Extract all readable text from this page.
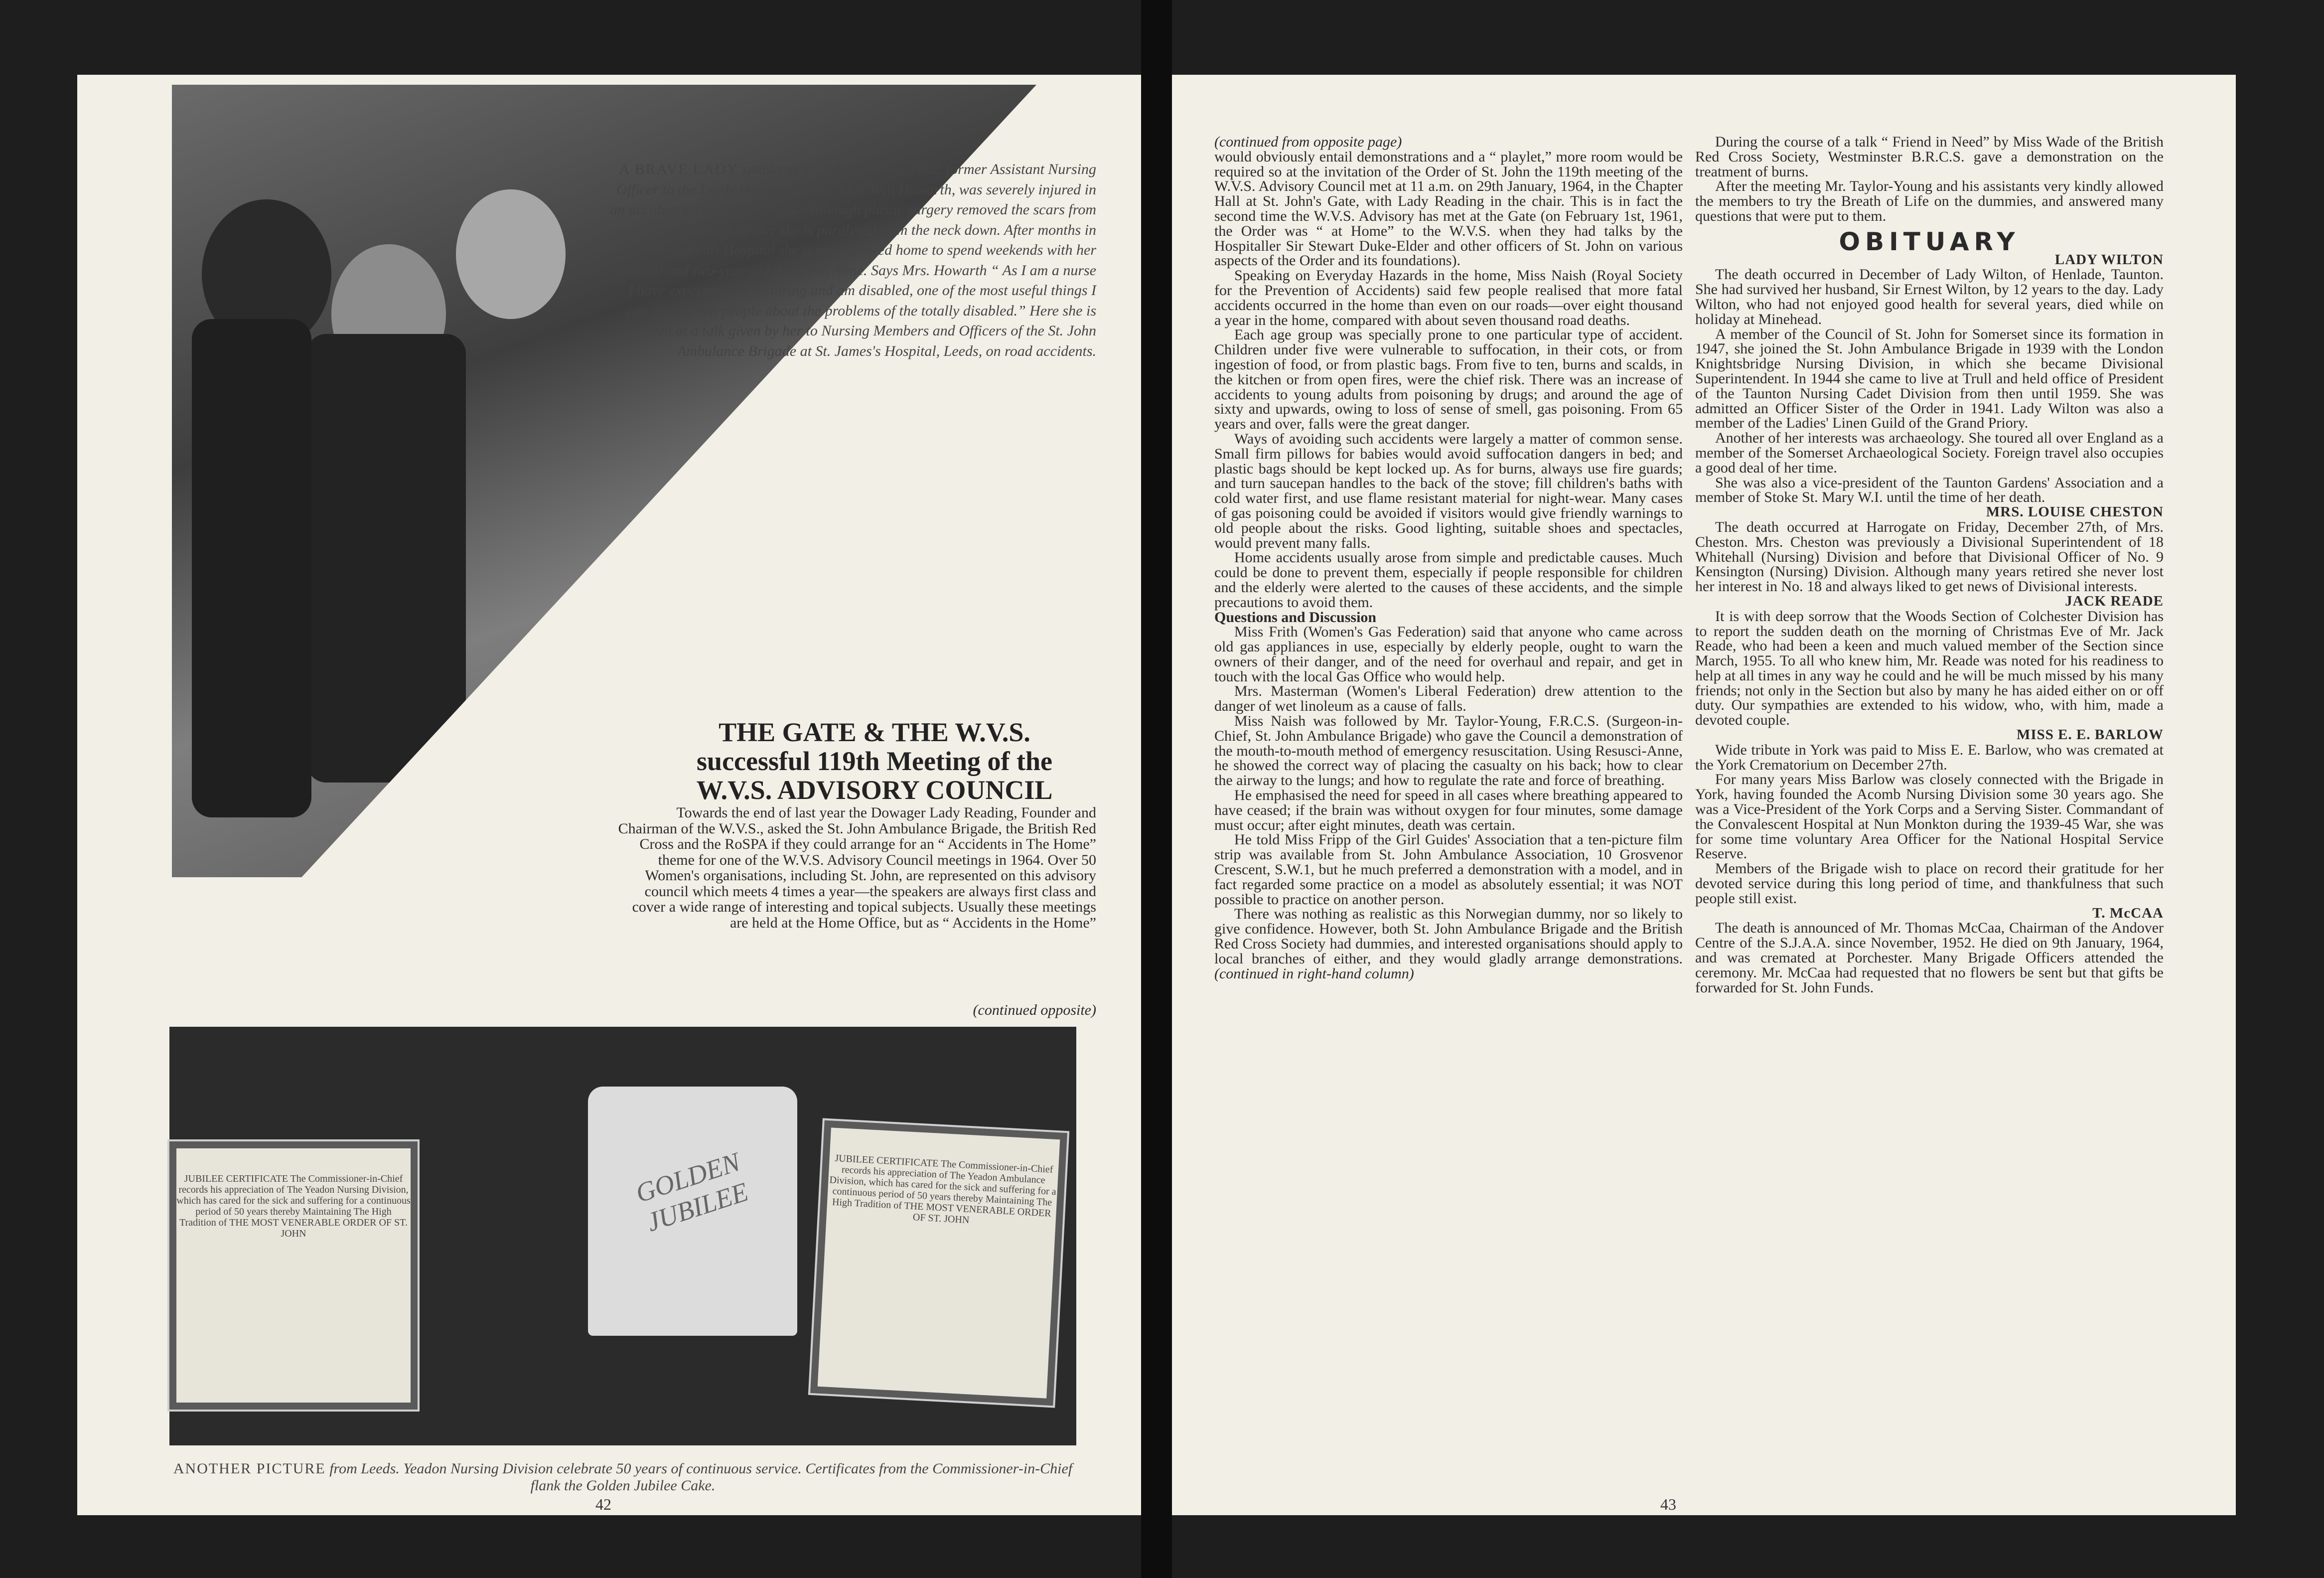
A BRAVE LADY speaks to St. John. In June, 1962, former Assistant Nursing Officer to the Leeds Hospital Board, Mrs. Wyn Howarth, was severely injured in an accident on her way to work. Although plastic surgery removed the scars from her face, to-day she is paralysed from the neck down. After months in Pinderfields Hospital she is now allowed home to spend weekends with her husband and two-year-old daughter, Anne. Says Mrs. Howarth “ As I am a nurse I have experience in lecturing and am disabled, one of the most useful things I can do is to tell people about the problems of the totally disabled.” Here she is seen at a talk given by her to Nursing Members and Officers of the St. John Ambulance Brigade at St. James's Hospital, Leeds, on road accidents.
THE GATE & THE W.V.S.
successful 119th Meeting of the
W.V.S. ADVISORY COUNCIL
Towards the end of last year the Dowager Lady Reading, Founder and Chairman of the W.V.S., asked the St. John Ambulance Brigade, the British Red Cross and the RoSPA if they could arrange for an “ Accidents in The Home” theme for one of the W.V.S. Advisory Council meetings in 1964. Over 50 Women's organisations, including St. John, are represented on this advisory council which meets 4 times a year—the speakers are always first class and cover a wide range of interesting and topical subjects. Usually these meetings are held at the Home Office, but as “ Accidents in the Home”
(continued opposite)
JUBILEE CERTIFICATE The Commissioner-in-Chief records his appreciation of The Yeadon Nursing Division, which has cared for the sick and suffering for a continuous period of 50 years thereby Maintaining The High Tradition of THE MOST VENERABLE ORDER OF ST. JOHN
GOLDEN JUBILEE
JUBILEE CERTIFICATE The Commissioner-in-Chief records his appreciation of The Yeadon Ambulance Division, which has cared for the sick and suffering for a continuous period of 50 years thereby Maintaining The High Tradition of THE MOST VENERABLE ORDER OF ST. JOHN
ANOTHER PICTURE from Leeds. Yeadon Nursing Division celebrate 50 years of continuous service. Certificates from the Commissioner-in-Chief flank the Golden Jubilee Cake.
42

(continued from opposite page)

would obviously entail demonstrations and a “ playlet,” more room would be required so at the invitation of the Order of St. John the 119th meeting of the W.V.S. Advisory Council met at 11 a.m. on 29th January, 1964, in the Chapter Hall at St. John's Gate, with Lady Reading in the chair. This is in fact the second time the W.V.S. Advisory has met at the Gate (on February 1st, 1961, the Order was “ at Home” to the W.V.S. when they had talks by the Hospitaller Sir Stewart Duke-Elder and other officers of St. John on various aspects of the Order and its foundations).

Speaking on Everyday Hazards in the home, Miss Naish (Royal Society for the Prevention of Accidents) said few people realised that more fatal accidents occurred in the home than even on our roads—over eight thousand a year in the home, compared with about seven thousand road deaths.

Each age group was specially prone to one particular type of accident. Children under five were vulnerable to suffocation, in their cots, or from ingestion of food, or from plastic bags. From five to ten, burns and scalds, in the kitchen or from open fires, were the chief risk. There was an increase of accidents to young adults from poisoning by drugs; and around the age of sixty and upwards, owing to loss of sense of smell, gas poisoning. From 65 years and over, falls were the great danger.

Ways of avoiding such accidents were largely a matter of common sense. Small firm pillows for babies would avoid suffocation dangers in bed; and plastic bags should be kept locked up. As for burns, always use fire guards; and turn saucepan handles to the back of the stove; fill children's baths with cold water first, and use flame resistant material for night-wear. Many cases of gas poisoning could be avoided if visitors would give friendly warnings to old people about the risks. Good lighting, suitable shoes and spectacles, would prevent many falls.

Home accidents usually arose from simple and predictable causes. Much could be done to prevent them, especially if people responsible for children and the elderly were alerted to the causes of these accidents, and the simple precautions to avoid them.

Questions and Discussion

Miss Frith (Women's Gas Federation) said that anyone who came across old gas appliances in use, especially by elderly people, ought to warn the owners of their danger, and of the need for overhaul and repair, and get in touch with the local Gas Office who would help.

Mrs. Masterman (Women's Liberal Federation) drew attention to the danger of wet linoleum as a cause of falls.

Miss Naish was followed by Mr. Taylor-Young, F.R.C.S. (Surgeon-in-Chief, St. John Ambulance Brigade) who gave the Council a demonstration of the mouth-to-mouth method of emergency resuscitation. Using Resusci-Anne, he showed the correct way of placing the casualty on his back; how to clear the airway to the lungs; and how to regulate the rate and force of breathing.

He emphasised the need for speed in all cases where breathing appeared to have ceased; if the brain was without oxygen for four minutes, some damage must occur; after eight minutes, death was certain.

He told Miss Fripp of the Girl Guides' Association that a ten-picture film strip was available from St. John Ambulance Association, 10 Grosvenor Crescent, S.W.1, but he much preferred a demonstration with a model, and in fact regarded some practice on a model as absolutely essential; it was NOT possible to practice on another person.

There was nothing as realistic as this Norwegian dummy, nor so likely to give confidence. However, both St. John Ambulance Brigade and the British Red Cross Society had dummies, and interested organisations should apply to local branches of either, and they would gladly arrange demonstrations. (continued in right-hand column)

During the course of a talk “ Friend in Need” by Miss Wade of the British Red Cross Society, Westminster B.R.C.S. gave a demonstration on the treatment of burns.

After the meeting Mr. Taylor-Young and his assistants very kindly allowed the members to try the Breath of Life on the dummies, and answered many questions that were put to them.

OBITUARY

LADY WILTON

The death occurred in December of Lady Wilton, of Henlade, Taunton. She had survived her husband, Sir Ernest Wilton, by 12 years to the day. Lady Wilton, who had not enjoyed good health for several years, died while on holiday at Minehead.

A member of the Council of St. John for Somerset since its formation in 1947, she joined the St. John Ambulance Brigade in 1939 with the London Knightsbridge Nursing Division, in which she became Divisional Superintendent. In 1944 she came to live at Trull and held office of President of the Taunton Nursing Cadet Division from then until 1959. She was admitted an Officer Sister of the Order in 1941. Lady Wilton was also a member of the Ladies' Linen Guild of the Grand Priory.

Another of her interests was archaeology. She toured all over England as a member of the Somerset Archaeological Society. Foreign travel also occupies a good deal of her time.

She was also a vice-president of the Taunton Gardens' Association and a member of Stoke St. Mary W.I. until the time of her death.

MRS. LOUISE CHESTON

The death occurred at Harrogate on Friday, December 27th, of Mrs. Cheston. Mrs. Cheston was previously a Divisional Superintendent of 18 Whitehall (Nursing) Division and before that Divisional Officer of No. 9 Kensington (Nursing) Division. Although many years retired she never lost her interest in No. 18 and always liked to get news of Divisional interests.

JACK READE

It is with deep sorrow that the Woods Section of Colchester Division has to report the sudden death on the morning of Christmas Eve of Mr. Jack Reade, who had been a keen and much valued member of the Section since March, 1955. To all who knew him, Mr. Reade was noted for his readiness to help at all times in any way he could and he will be much missed by his many friends; not only in the Section but also by many he has aided either on or off duty. Our sympathies are extended to his widow, who, with him, made a devoted couple.

MISS E. E. BARLOW

Wide tribute in York was paid to Miss E. E. Barlow, who was cremated at the York Crematorium on December 27th.

For many years Miss Barlow was closely connected with the Brigade in York, having founded the Acomb Nursing Division some 30 years ago. She was a Vice-President of the York Corps and a Serving Sister. Commandant of the Convalescent Hospital at Nun Monkton during the 1939-45 War, she was for some time voluntary Area Officer for the National Hospital Service Reserve.

Members of the Brigade wish to place on record their gratitude for her devoted service during this long period of time, and thankfulness that such people still exist.

T. McCAA

The death is announced of Mr. Thomas McCaa, Chairman of the Andover Centre of the S.J.A.A. since November, 1952. He died on 9th January, 1964, and was cremated at Porchester. Many Brigade Officers attended the ceremony. Mr. McCaa had requested that no flowers be sent but that gifts be forwarded for St. John Funds.

43
